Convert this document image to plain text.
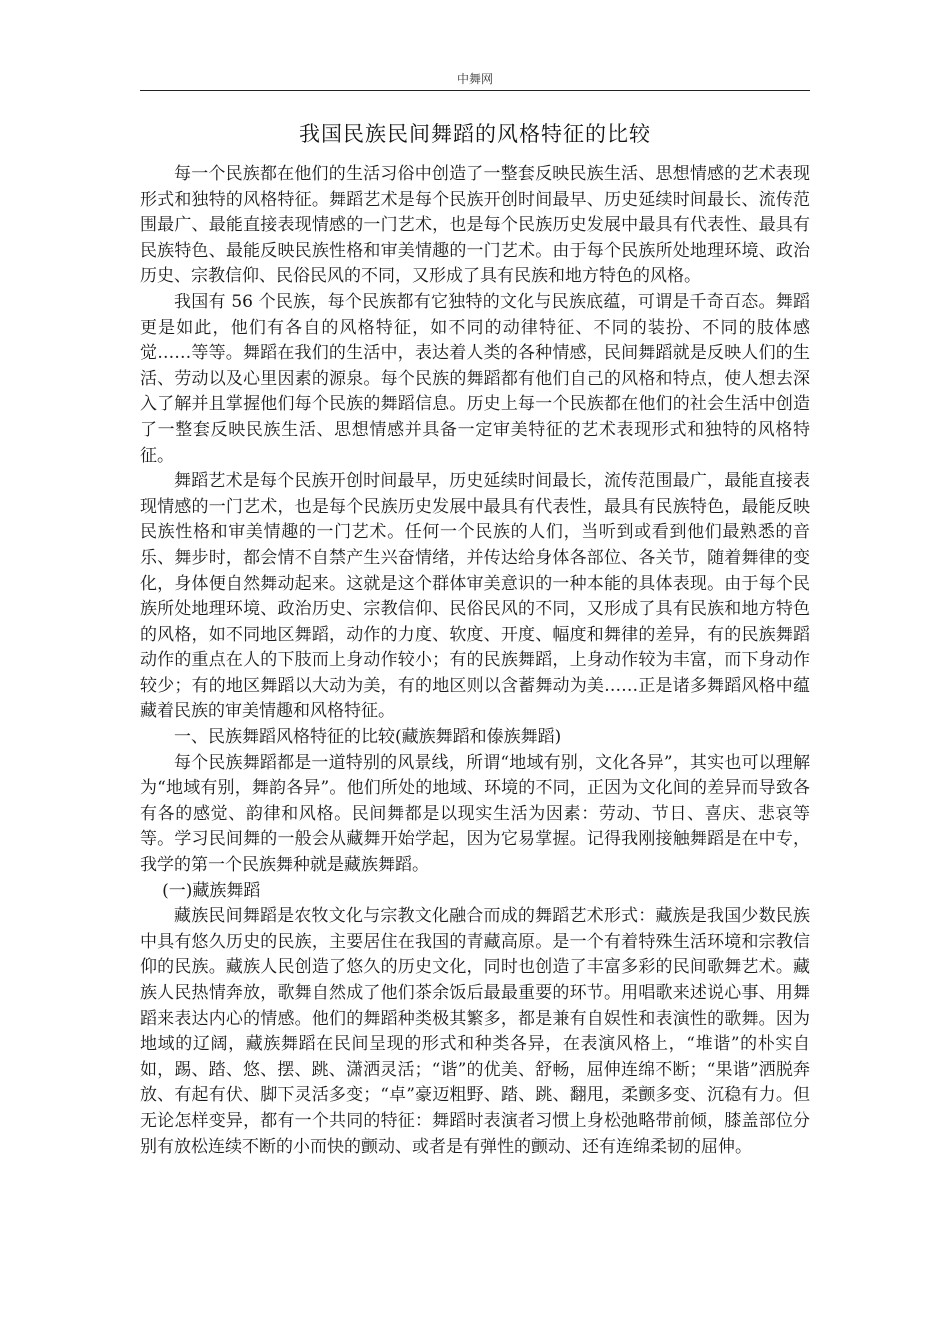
中舞网
我国民族民间舞蹈的风格特征的比较

每一个民族都在他们的生活习俗中创造了一整套反映民族生活、思想情感的艺术表现形式和独特的风格特征。舞蹈艺术是每个民族开创时间最早、历史延续时间最长、流传范围最广、最能直接表现情感的一门艺术，也是每个民族历史发展中最具有代表性、最具有民族特色、最能反映民族性格和审美情趣的一门艺术。由于每个民族所处地理环境、政治历史、宗教信仰、民俗民风的不同，又形成了具有民族和地方特色的风格。

我国有 56 个民族，每个民族都有它独特的文化与民族底蕴，可谓是千奇百态。舞蹈更是如此，他们有各自的风格特征，如不同的动律特征、不同的装扮、不同的肢体感觉……等等。舞蹈在我们的生活中，表达着人类的各种情感，民间舞蹈就是反映人们的生活、劳动以及心里因素的源泉。每个民族的舞蹈都有他们自己的风格和特点，使人想去深入了解并且掌握他们每个民族的舞蹈信息。历史上每一个民族都在他们的社会生活中创造了一整套反映民族生活、思想情感并具备一定审美特征的艺术表现形式和独特的风格特征。

舞蹈艺术是每个民族开创时间最早，历史延续时间最长，流传范围最广，最能直接表现情感的一门艺术，也是每个民族历史发展中最具有代表性，最具有民族特色，最能反映民族性格和审美情趣的一门艺术。任何一个民族的人们，当听到或看到他们最熟悉的音乐、舞步时，都会情不自禁产生兴奋情绪，并传达给身体各部位、各关节，随着舞律的变化，身体便自然舞动起来。这就是这个群体审美意识的一种本能的具体表现。由于每个民族所处地理环境、政治历史、宗教信仰、民俗民风的不同，又形成了具有民族和地方特色的风格，如不同地区舞蹈，动作的力度、软度、开度、幅度和舞律的差异，有的民族舞蹈动作的重点在人的下肢而上身动作较小；有的民族舞蹈，上身动作较为丰富，而下身动作较少；有的地区舞蹈以大动为美，有的地区则以含蓄舞动为美……正是诸多舞蹈风格中蕴藏着民族的审美情趣和风格特征。

一、民族舞蹈风格特征的比较(藏族舞蹈和傣族舞蹈)

每个民族舞蹈都是一道特别的风景线，所谓“地域有别，文化各异”，其实也可以理解为“地域有别，舞韵各异”。他们所处的地域、环境的不同，正因为文化间的差异而导致各有各的感觉、韵律和风格。民间舞都是以现实生活为因素：劳动、节日、喜庆、悲哀等等。学习民间舞的一般会从藏舞开始学起，因为它易掌握。记得我刚接触舞蹈是在中专，我学的第一个民族舞种就是藏族舞蹈。

(一)藏族舞蹈

藏族民间舞蹈是农牧文化与宗教文化融合而成的舞蹈艺术形式：藏族是我国少数民族中具有悠久历史的民族，主要居住在我国的青藏高原。是一个有着特殊生活环境和宗教信仰的民族。藏族人民创造了悠久的历史文化，同时也创造了丰富多彩的民间歌舞艺术。藏族人民热情奔放，歌舞自然成了他们茶余饭后最最重要的环节。用唱歌来述说心事、用舞蹈来表达内心的情感。他们的舞蹈种类极其繁多，都是兼有自娱性和表演性的歌舞。因为地域的辽阔，藏族舞蹈在民间呈现的形式和种类各异，在表演风格上，“堆谐”的朴实自如，踢、踏、悠、摆、跳、潇洒灵活；“谐”的优美、舒畅，屈伸连绵不断；“果谐”洒脱奔放、有起有伏、脚下灵活多变；“卓”豪迈粗野、踏、跳、翻甩，柔颤多变、沉稳有力。但无论怎样变异，都有一个共同的特征：舞蹈时表演者习惯上身松弛略带前倾，膝盖部位分别有放松连续不断的小而快的颤动、或者是有弹性的颤动、还有连绵柔韧的屈伸。
